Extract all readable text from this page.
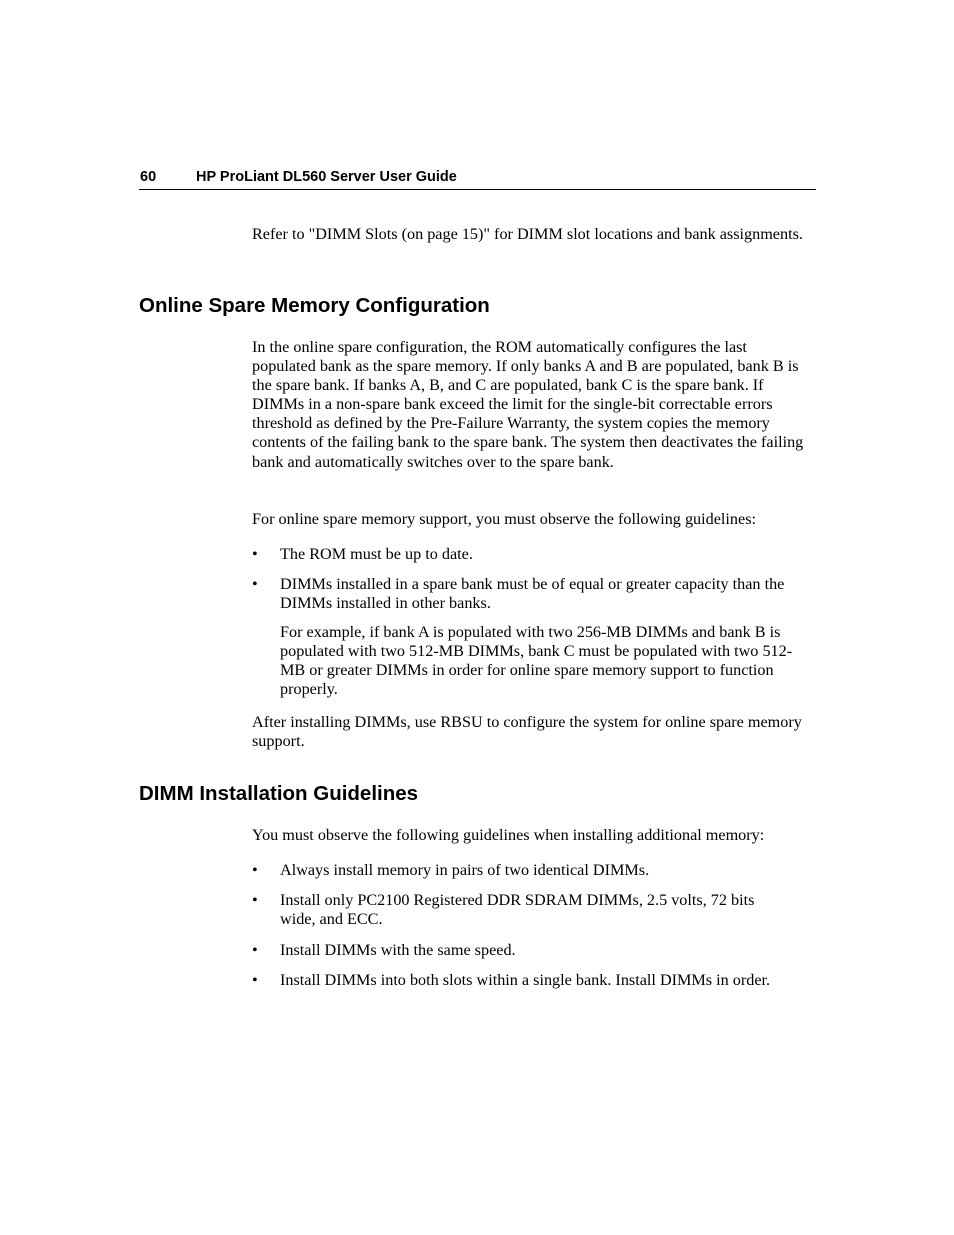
60	HP ProLiant DL560 Server User Guide

Refer to "DIMM Slots (on page 15)" for DIMM slot locations and bank assignments.

Online Spare Memory Configuration

In the online spare configuration, the ROM automatically configures the last populated bank as the spare memory. If only banks A and B are populated, bank B is the spare bank. If banks A, B, and C are populated, bank C is the spare bank. If DIMMs in a non-spare bank exceed the limit for the single-bit correctable errors threshold as defined by the Pre-Failure Warranty, the system copies the memory contents of the failing bank to the spare bank. The system then deactivates the failing bank and automatically switches over to the spare bank.

For online spare memory support, you must observe the following guidelines:

• The ROM must be up to date.
• DIMMs installed in a spare bank must be of equal or greater capacity than the DIMMs installed in other banks.

For example, if bank A is populated with two 256-MB DIMMs and bank B is populated with two 512-MB DIMMs, bank C must be populated with two 512-MB or greater DIMMs in order for online spare memory support to function properly.

After installing DIMMs, use RBSU to configure the system for online spare memory support.

DIMM Installation Guidelines

You must observe the following guidelines when installing additional memory:

• Always install memory in pairs of two identical DIMMs.
• Install only PC2100 Registered DDR SDRAM DIMMs, 2.5 volts, 72 bits wide, and ECC.
• Install DIMMs with the same speed.
• Install DIMMs into both slots within a single bank. Install DIMMs in order.
